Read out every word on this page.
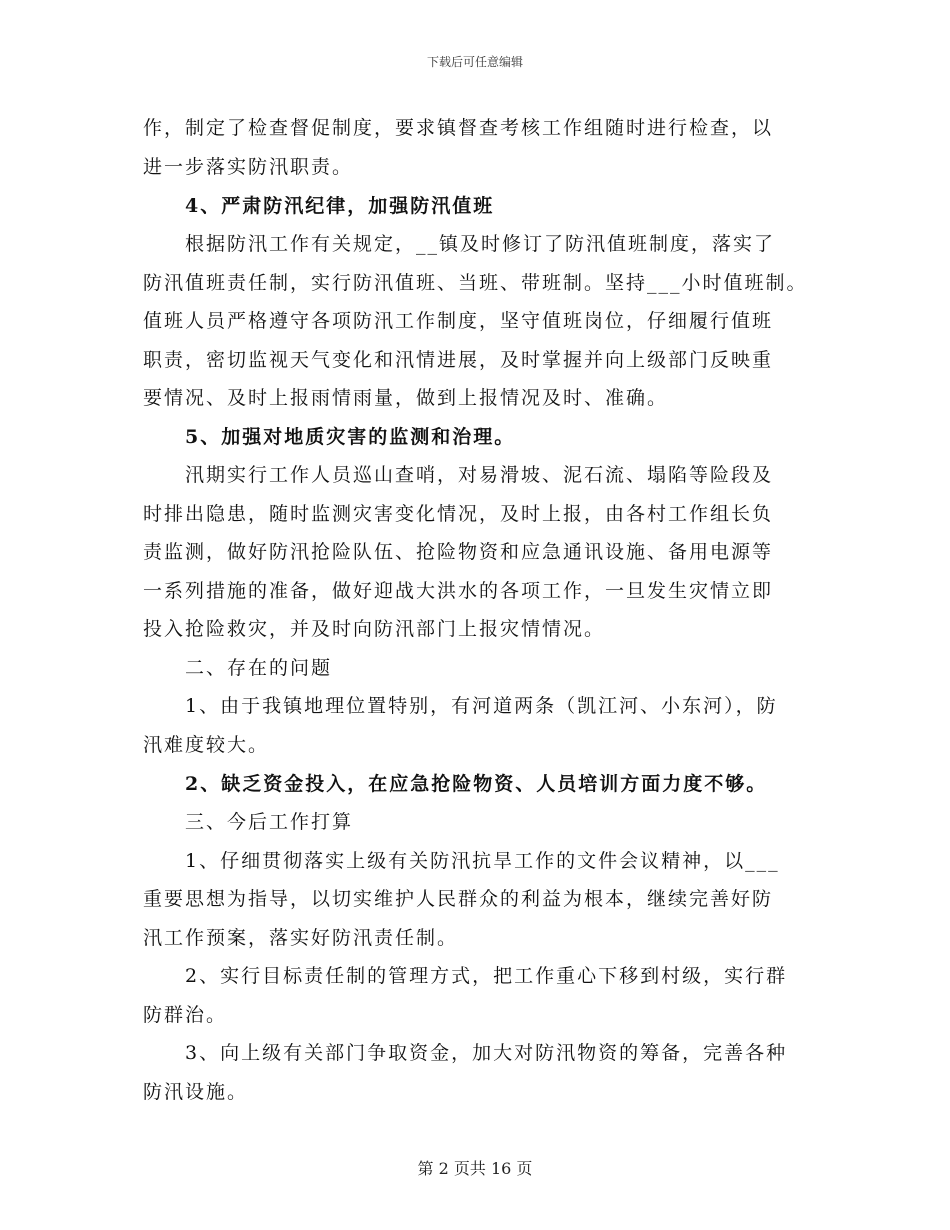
下载后可任意编辑
作，制定了检查督促制度，要求镇督查考核工作组随时进行检查，以
进一步落实防汛职责。
4、严肃防汛纪律，加强防汛值班
根据防汛工作有关规定，__镇及时修订了防汛值班制度，落实了
防汛值班责任制，实行防汛值班、当班、带班制。坚持___小时值班制。
值班人员严格遵守各项防汛工作制度，坚守值班岗位，仔细履行值班
职责，密切监视天气变化和汛情进展，及时掌握并向上级部门反映重
要情况、及时上报雨情雨量，做到上报情况及时、准确。
5、加强对地质灾害的监测和治理。
汛期实行工作人员巡山查哨，对易滑坡、泥石流、塌陷等险段及
时排出隐患，随时监测灾害变化情况，及时上报，由各村工作组长负
责监测，做好防汛抢险队伍、抢险物资和应急通讯设施、备用电源等
一系列措施的准备，做好迎战大洪水的各项工作，一旦发生灾情立即
投入抢险救灾，并及时向防汛部门上报灾情情况。
二、存在的问题
1、由于我镇地理位置特别，有河道两条（凯江河、小东河），防
汛难度较大。
2、缺乏资金投入，在应急抢险物资、人员培训方面力度不够。
三、今后工作打算
1、仔细贯彻落实上级有关防汛抗旱工作的文件会议精神，以___
重要思想为指导，以切实维护人民群众的利益为根本，继续完善好防
汛工作预案，落实好防汛责任制。
2、实行目标责任制的管理方式，把工作重心下移到村级，实行群
防群治。
3、向上级有关部门争取资金，加大对防汛物资的筹备，完善各种
防汛设施。
第 2 页共 16 页
